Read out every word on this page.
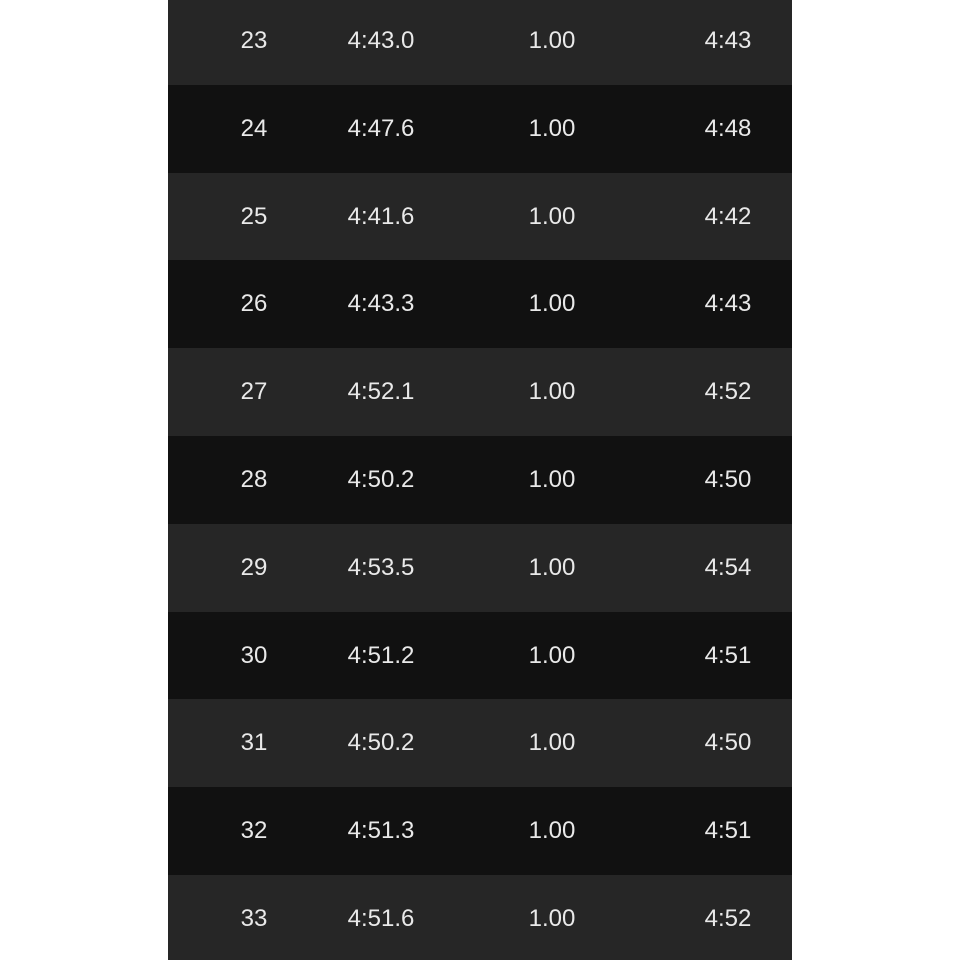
23	4:43.0	1.00	4:43
24	4:47.6	1.00	4:48
25	4:41.6	1.00	4:42
26	4:43.3	1.00	4:43
27	4:52.1	1.00	4:52
28	4:50.2	1.00	4:50
29	4:53.5	1.00	4:54
30	4:51.2	1.00	4:51
31	4:50.2	1.00	4:50
32	4:51.3	1.00	4:51
33	4:51.6	1.00	4:52
